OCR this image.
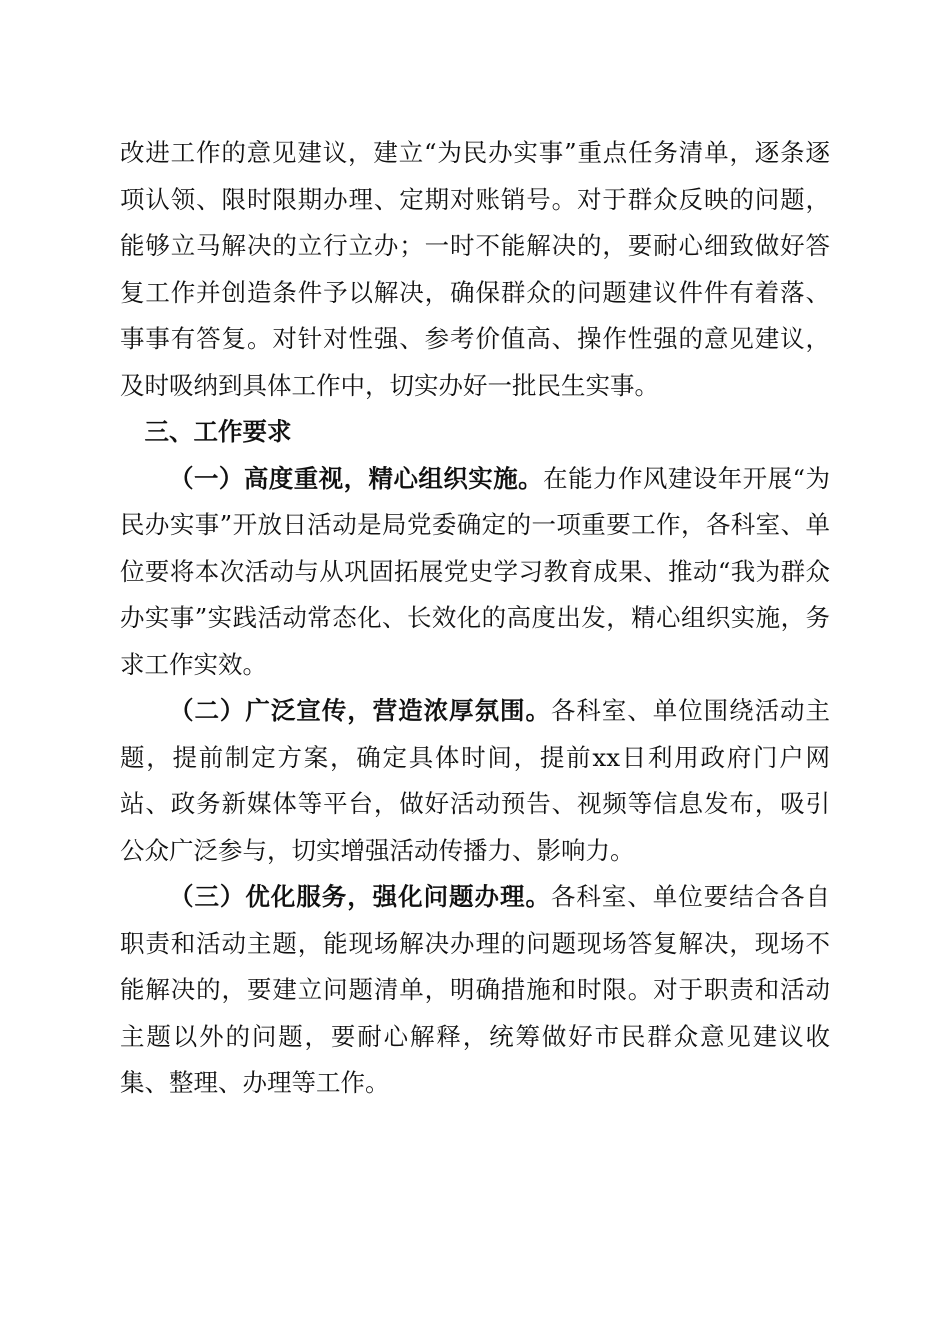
改进工作的意见建议，建立“为民办实事”重点任务清单，逐条逐项认领、限时限期办理、定期对账销号。对于群众反映的问题，能够立马解决的立行立办；一时不能解决的，要耐心细致做好答复工作并创造条件予以解决，确保群众的问题建议件件有着落、事事有答复。对针对性强、参考价值高、操作性强的意见建议，及时吸纳到具体工作中，切实办好一批民生实事。

三、工作要求

（一）高度重视，精心组织实施。在能力作风建设年开展“为民办实事”开放日活动是局党委确定的一项重要工作，各科室、单位要将本次活动与从巩固拓展党史学习教育成果、推动“我为群众办实事”实践活动常态化、长效化的高度出发，精心组织实施，务求工作实效。

（二）广泛宣传，营造浓厚氛围。各科室、单位围绕活动主题，提前制定方案，确定具体时间，提前xx日利用政府门户网站、政务新媒体等平台，做好活动预告、视频等信息发布，吸引公众广泛参与，切实增强活动传播力、影响力。

（三）优化服务，强化问题办理。各科室、单位要结合各自职责和活动主题，能现场解决办理的问题现场答复解决，现场不能解决的，要建立问题清单，明确措施和时限。对于职责和活动主题以外的问题，要耐心解释，统筹做好市民群众意见建议收集、整理、办理等工作。
